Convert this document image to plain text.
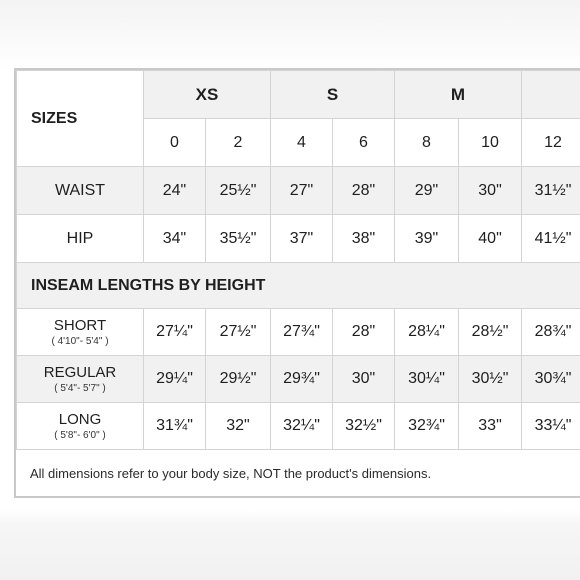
SIZES	XS		S		M			
	0	2	4	6	8	10	12	
WAIST	24"	25½"	27"	28"	29"	30"	31½"	
HIP	34"	35½"	37"	38"	39"	40"	41½"	
INSEAM LENGTHS BY HEIGHT								

SHORT
( 4'10"- 5'4" )	27¼"	27½"	27¾"	28"	28¼"	28½"	28¾"	

REGULAR
( 5'4"- 5'7" )	29¼"	29½"	29¾"	30"	30¼"	30½"	30¾"	

LONG
( 5'8"- 6'0" )	31¾"	32"	32¼"	32½"	32¾"	33"	33¼"	
All dimensions refer to your body size, NOT the product's dimensions.
